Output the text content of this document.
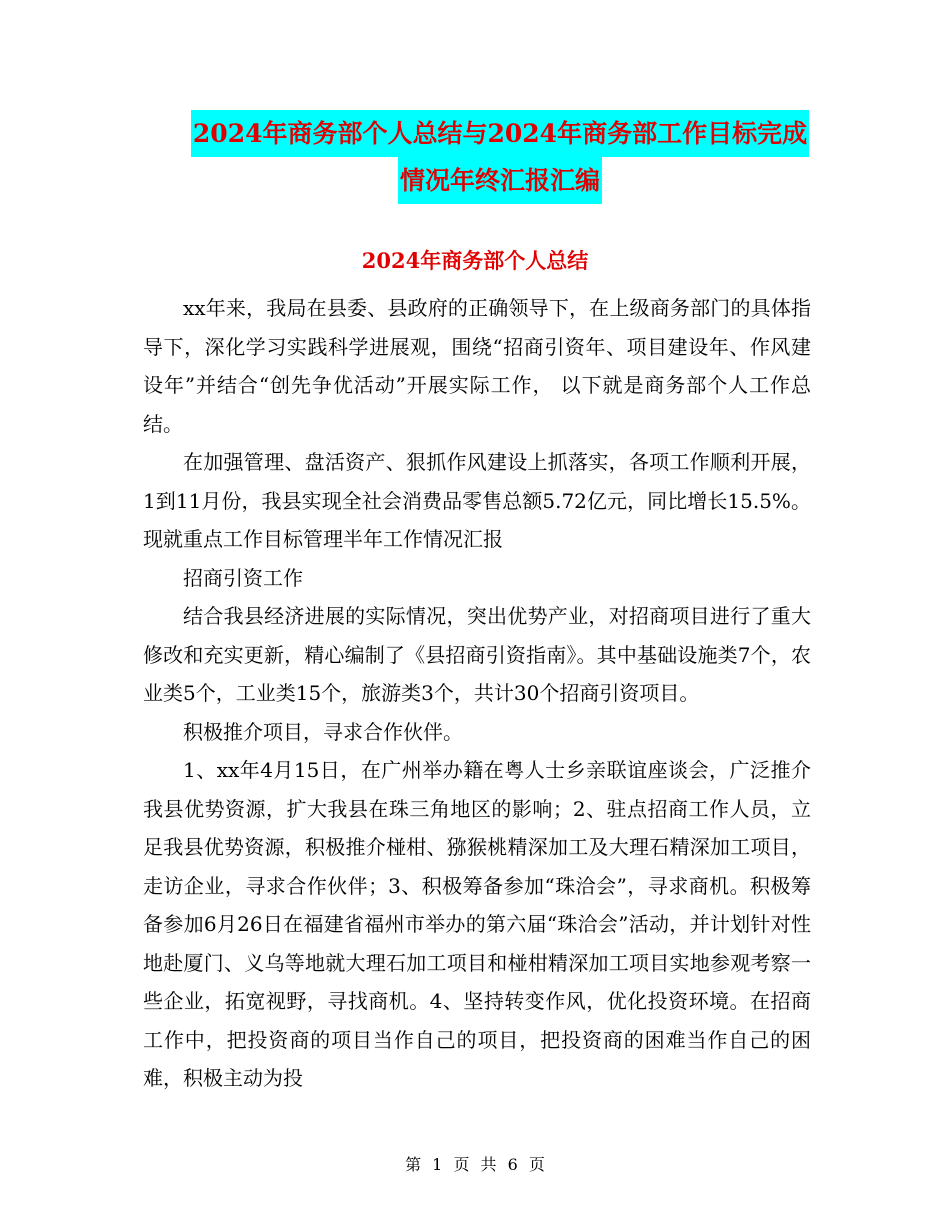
2024年商务部个人总结与2024年商务部工作目标完成
情况年终汇报汇编
2024年商务部个人总结

xx年来，我局在县委、县政府的正确领导下，在上级商务部门的具体指导下，深化学习实践科学进展观，围绕“招商引资年、项目建设年、作风建设年”并结合“创先争优活动”开展实际工作， 以下就是商务部个人工作总结。

在加强管理、盘活资产、狠抓作风建设上抓落实，各项工作顺利开展，1到11月份，我县实现全社会消费品零售总额5.72亿元，同比增长15.5%。现就重点工作目标管理半年工作情况汇报

招商引资工作

结合我县经济进展的实际情况，突出优势产业，对招商项目进行了重大修改和充实更新，精心编制了《县招商引资指南》。其中基础设施类7个，农业类5个，工业类15个，旅游类3个，共计30个招商引资项目。

积极推介项目，寻求合作伙伴。

1、xx年4月15日，在广州举办籍在粤人士乡亲联谊座谈会，广泛推介我县优势资源，扩大我县在珠三角地区的影响；2、驻点招商工作人员，立足我县优势资源，积极推介椪柑、猕猴桃精深加工及大理石精深加工项目，走访企业，寻求合作伙伴；3、积极筹备参加“珠洽会”，寻求商机。积极筹备参加6月26日在福建省福州市举办的第六届“珠洽会”活动，并计划针对性地赴厦门、义乌等地就大理石加工项目和椪柑精深加工项目实地参观考察一些企业，拓宽视野，寻找商机。4、坚持转变作风，优化投资环境。在招商工作中，把投资商的项目当作自己的项目，把投资商的困难当作自己的困难，积极主动为投

第 1 页 共 6 页
